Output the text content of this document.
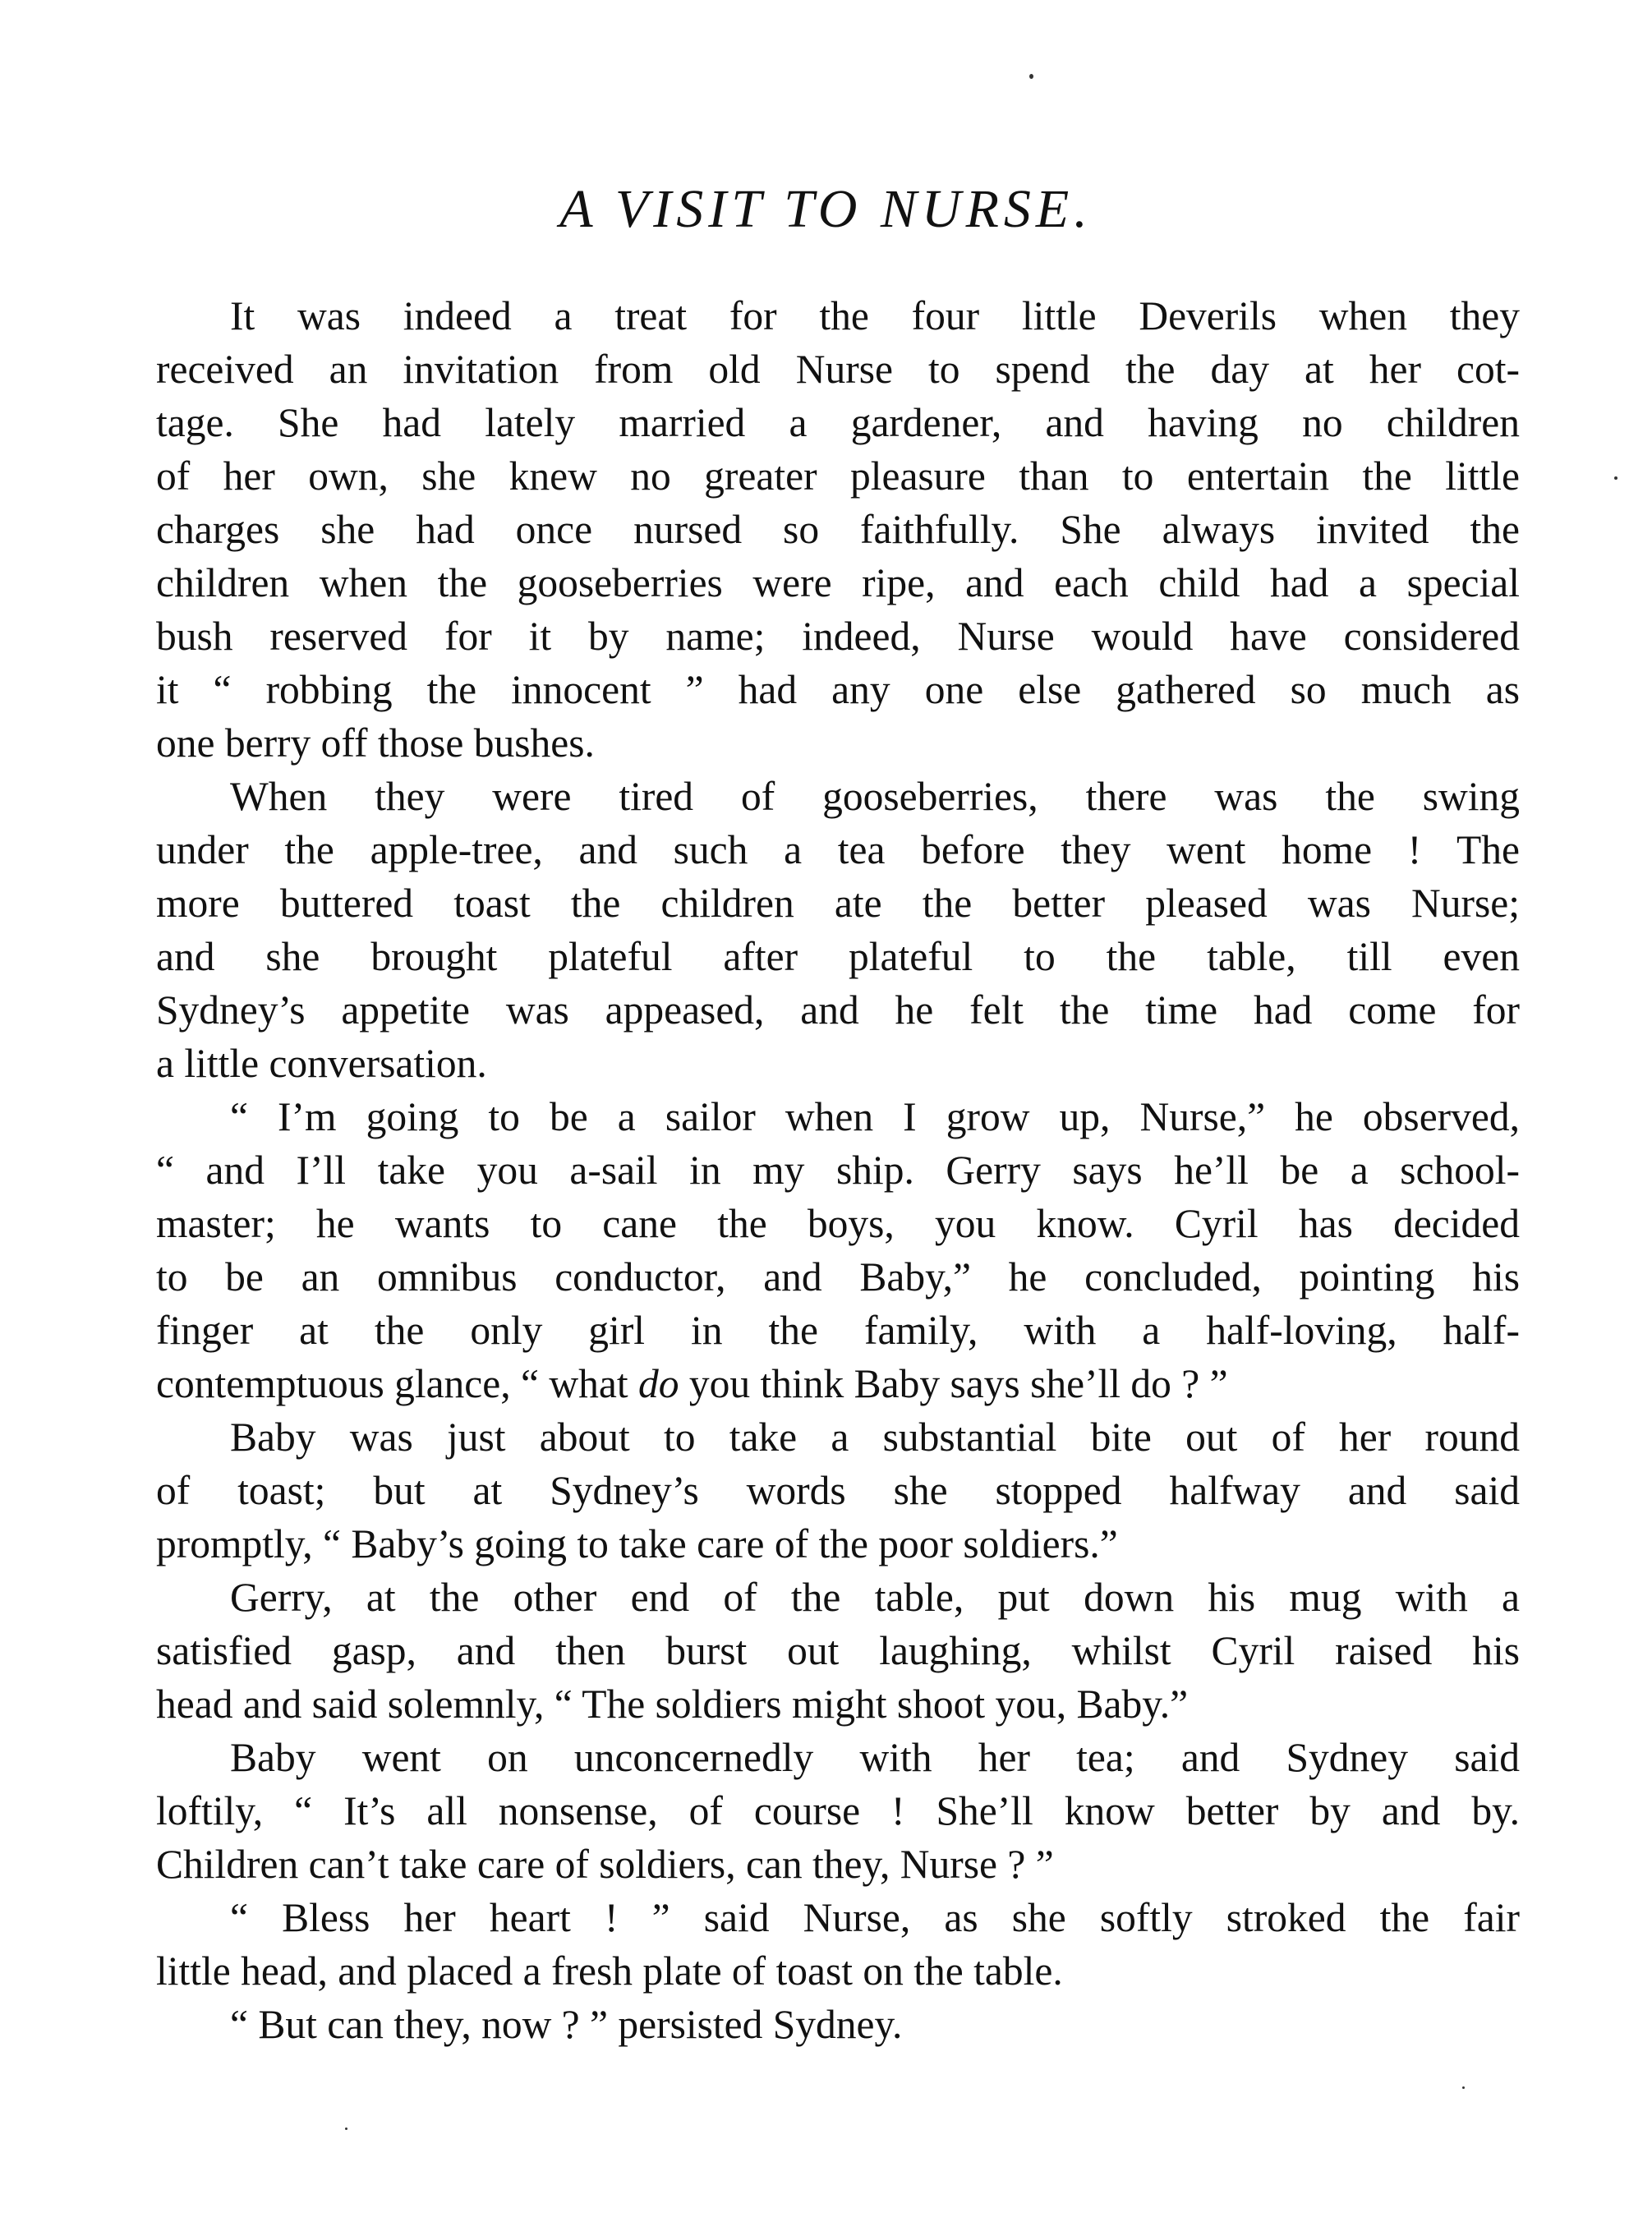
A VISIT TO NURSE.
It was indeed a treat for the four little Deverils when they
received an invitation from old Nurse to spend the day at her cot-
tage. She had lately married a gardener, and having no children
of her own, she knew no greater pleasure than to entertain the little
charges she had once nursed so faithfully. She always invited the
children when the gooseberries were ripe, and each child had a special
bush reserved for it by name; indeed, Nurse would have considered
it “ robbing the innocent ” had any one else gathered so much as
one berry off those bushes.
When they were tired of gooseberries, there was the swing
under the apple-tree, and such a tea before they went home ! The
more buttered toast the children ate the better pleased was Nurse;
and she brought plateful after plateful to the table, till even
Sydney’s appetite was appeased, and he felt the time had come for
a little conversation.
“ I’m going to be a sailor when I grow up, Nurse,” he observed,
“ and I’ll take you a-sail in my ship. Gerry says he’ll be a school-
master; he wants to cane the boys, you know. Cyril has decided
to be an omnibus conductor, and Baby,” he concluded, pointing his
finger at the only girl in the family, with a half-loving, half-
contemptuous glance, “ what do you think Baby says she’ll do ? ”
Baby was just about to take a substantial bite out of her round
of toast; but at Sydney’s words she stopped halfway and said
promptly, “ Baby’s going to take care of the poor soldiers.”
Gerry, at the other end of the table, put down his mug with a
satisfied gasp, and then burst out laughing, whilst Cyril raised his
head and said solemnly, “ The soldiers might shoot you, Baby.”
Baby went on unconcernedly with her tea; and Sydney said
loftily, “ It’s all nonsense, of course ! She’ll know better by and by.
Children can’t take care of soldiers, can they, Nurse ? ”
“ Bless her heart ! ” said Nurse, as she softly stroked the fair
little head, and placed a fresh plate of toast on the table.
“ But can they, now ? ” persisted Sydney.
